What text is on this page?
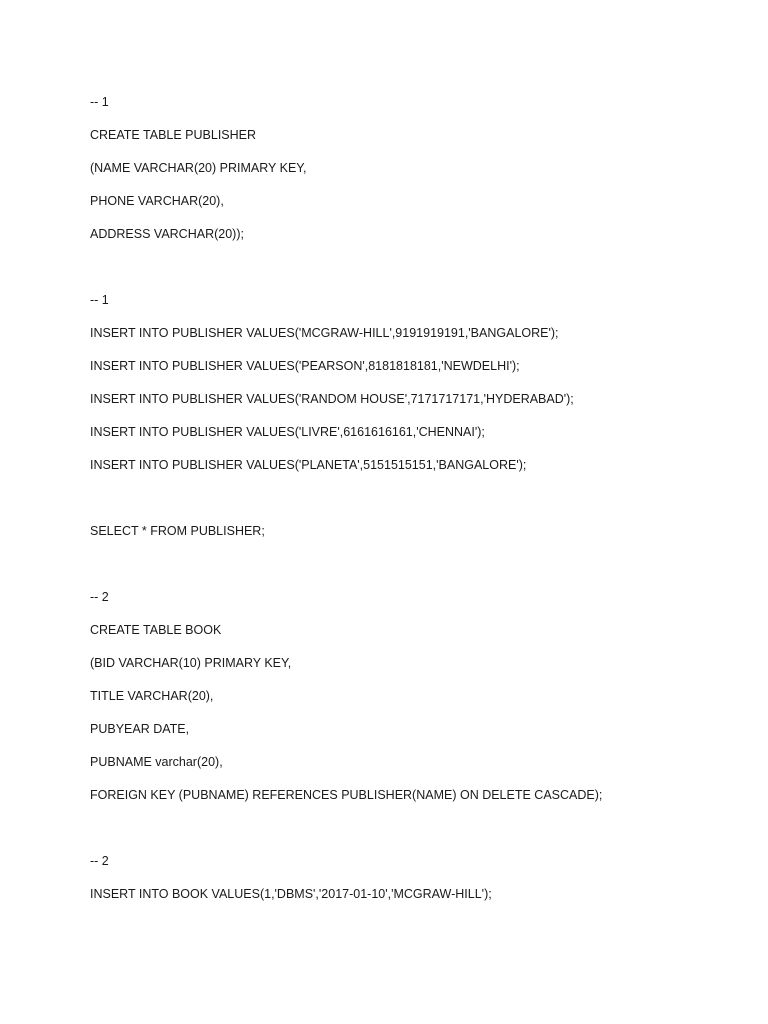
-- 1
CREATE TABLE PUBLISHER
(NAME VARCHAR(20) PRIMARY KEY,
PHONE VARCHAR(20),
ADDRESS VARCHAR(20));
-- 1
INSERT INTO PUBLISHER VALUES('MCGRAW-HILL',9191919191,'BANGALORE');
INSERT INTO PUBLISHER VALUES('PEARSON',8181818181,'NEWDELHI');
INSERT INTO PUBLISHER VALUES('RANDOM HOUSE',7171717171,'HYDERABAD');
INSERT INTO PUBLISHER VALUES('LIVRE',6161616161,'CHENNAI');
INSERT INTO PUBLISHER VALUES('PLANETA',5151515151,'BANGALORE');
SELECT * FROM PUBLISHER;
-- 2
CREATE TABLE BOOK
(BID VARCHAR(10) PRIMARY KEY,
TITLE VARCHAR(20),
PUBYEAR DATE,
PUBNAME varchar(20),
FOREIGN KEY (PUBNAME) REFERENCES PUBLISHER(NAME) ON DELETE CASCADE);
-- 2
INSERT INTO BOOK VALUES(1,'DBMS','2017-01-10','MCGRAW-HILL');
